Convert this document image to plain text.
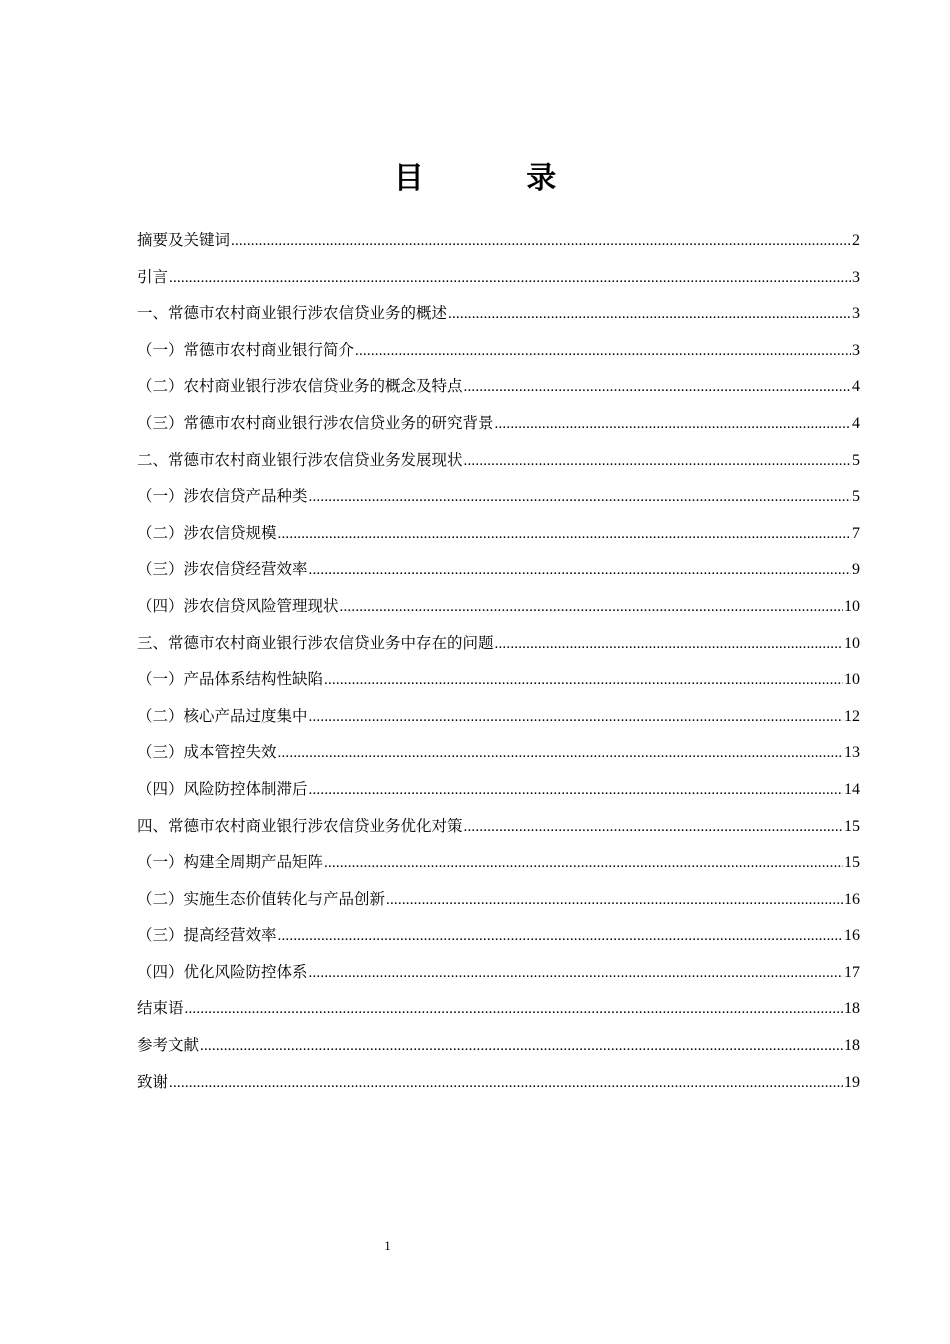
目 录
摘要及关键词 .....	2
引言 .....	3
一、常德市农村商业银行涉农信贷业务的概述 .....	3
（一）常德市农村商业银行简介 .....	3
（二）农村商业银行涉农信贷业务的概念及特点 .....	4
（三）常德市农村商业银行涉农信贷业务的研究背景 .....	4
二、常德市农村商业银行涉农信贷业务发展现状 .....	5
（一）涉农信贷产品种类 .....	5
（二）涉农信贷规模 .....	7
（三）涉农信贷经营效率 .....	9
（四）涉农信贷风险管理现状 .....	10
三、常德市农村商业银行涉农信贷业务中存在的问题 .....	10
（一）产品体系结构性缺陷 .....	10
（二）核心产品过度集中 .....	12
（三）成本管控失效 .....	13
（四）风险防控体制滞后 .....	14
四、常德市农村商业银行涉农信贷业务优化对策 .....	15
（一）构建全周期产品矩阵 .....	15
（二）实施生态价值转化与产品创新 .....	16
（三）提高经营效率 .....	16
（四）优化风险防控体系 .....	17
结束语 .....	18
参考文献 .....	18
致谢 .....	19
1
